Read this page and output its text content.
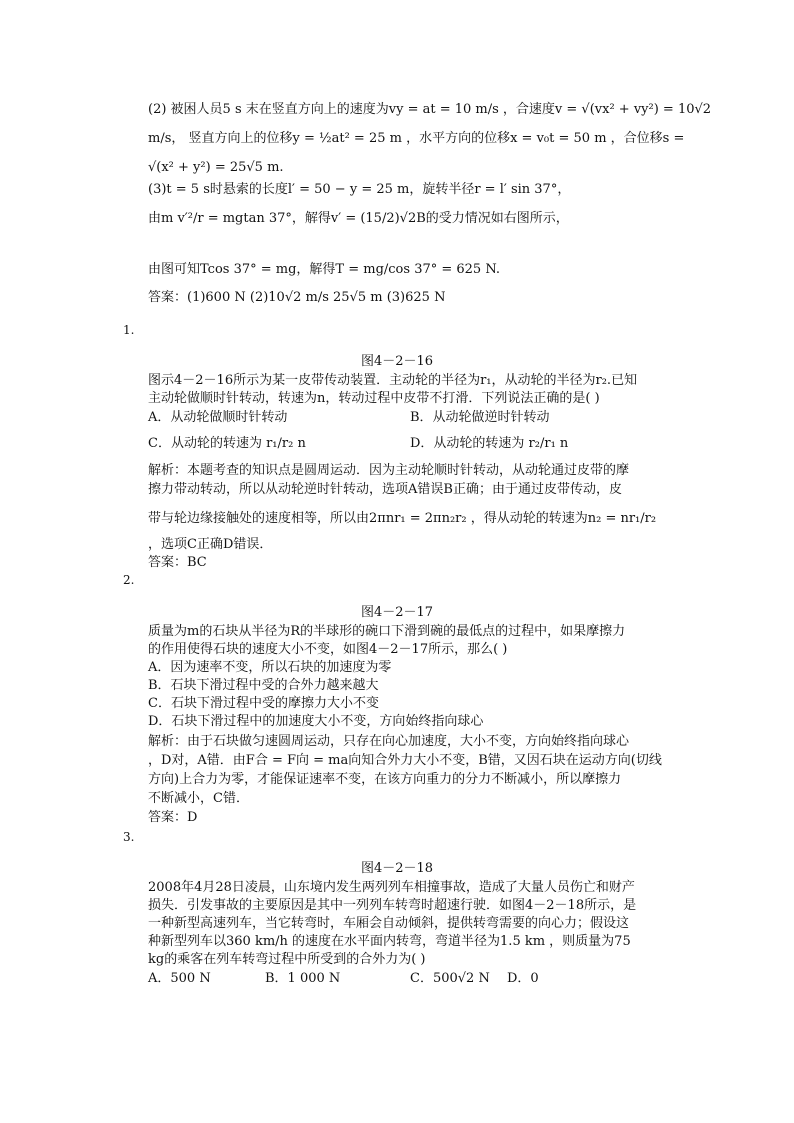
(2) 被困人员5 s 末在竖直方向上的速度为vy = at = 10 m/s ，合速度v = √(vx² + vy²) = 10√2
m/s， 竖直方向上的位移y = ½at² = 25 m ，水平方向的位移x = v₀t = 50 m ，合位移s =
√(x² + y²) = 25√5 m.
(3)t = 5 s时悬索的长度l′ = 50 − y = 25 m，旋转半径r = l′ sin 37°，
由m v′²/r = mgtan 37°，解得v′ = (15/2)√2B的受力情况如右图所示，
由图可知Tcos 37° = mg，解得T = mg/cos 37° = 625 N.
答案：(1)600 N (2)10√2 m/s 25√5 m (3)625 N
1.
图4－2－16
图示4－2－16所示为某一皮带传动装置．主动轮的半径为r₁，从动轮的半径为r₂.已知
主动轮做顺时针转动，转速为n，转动过程中皮带不打滑．下列说法正确的是( )
A．从动轮做顺时针转动	B．从动轮做逆时针转动
C．从动轮的转速为 r₁/r₂ n	D．从动轮的转速为 r₂/r₁ n
解析：本题考查的知识点是圆周运动．因为主动轮顺时针转动，从动轮通过皮带的摩
擦力带动转动，所以从动轮逆时针转动，选项A错误B正确；由于通过皮带传动，皮
带与轮边缘接触处的速度相等，所以由2πnr₁ = 2πn₂r₂ ，得从动轮的转速为n₂ = nr₁/r₂
，选项C正确D错误．
答案：BC
2.
图4－2－17
质量为m的石块从半径为R的半球形的碗口下滑到碗的最低点的过程中，如果摩擦力
的作用使得石块的速度大小不变，如图4－2－17所示，那么( )
A．因为速率不变，所以石块的加速度为零
B．石块下滑过程中受的合外力越来越大
C．石块下滑过程中受的摩擦力大小不变
D．石块下滑过程中的加速度大小不变，方向始终指向球心
解析：由于石块做匀速圆周运动，只存在向心加速度，大小不变，方向始终指向球心
，D对，A错．由F合 = F向 = ma向知合外力大小不变，B错，又因石块在运动方向(切线
方向)上合力为零，才能保证速率不变，在该方向重力的分力不断减小，所以摩擦力
不断减小，C错．
答案：D
3.
图4－2－18
2008年4月28日凌晨，山东境内发生两列列车相撞事故，造成了大量人员伤亡和财产
损失．引发事故的主要原因是其中一列列车转弯时超速行驶．如图4－2－18所示，是
一种新型高速列车，当它转弯时，车厢会自动倾斜，提供转弯需要的向心力；假设这
种新型列车以360 km/h 的速度在水平面内转弯，弯道半径为1.5 km ，则质量为75
kg的乘客在列车转弯过程中所受到的合外力为( )
A．500 N	B．1 000 N	C．500√2 N D．0
